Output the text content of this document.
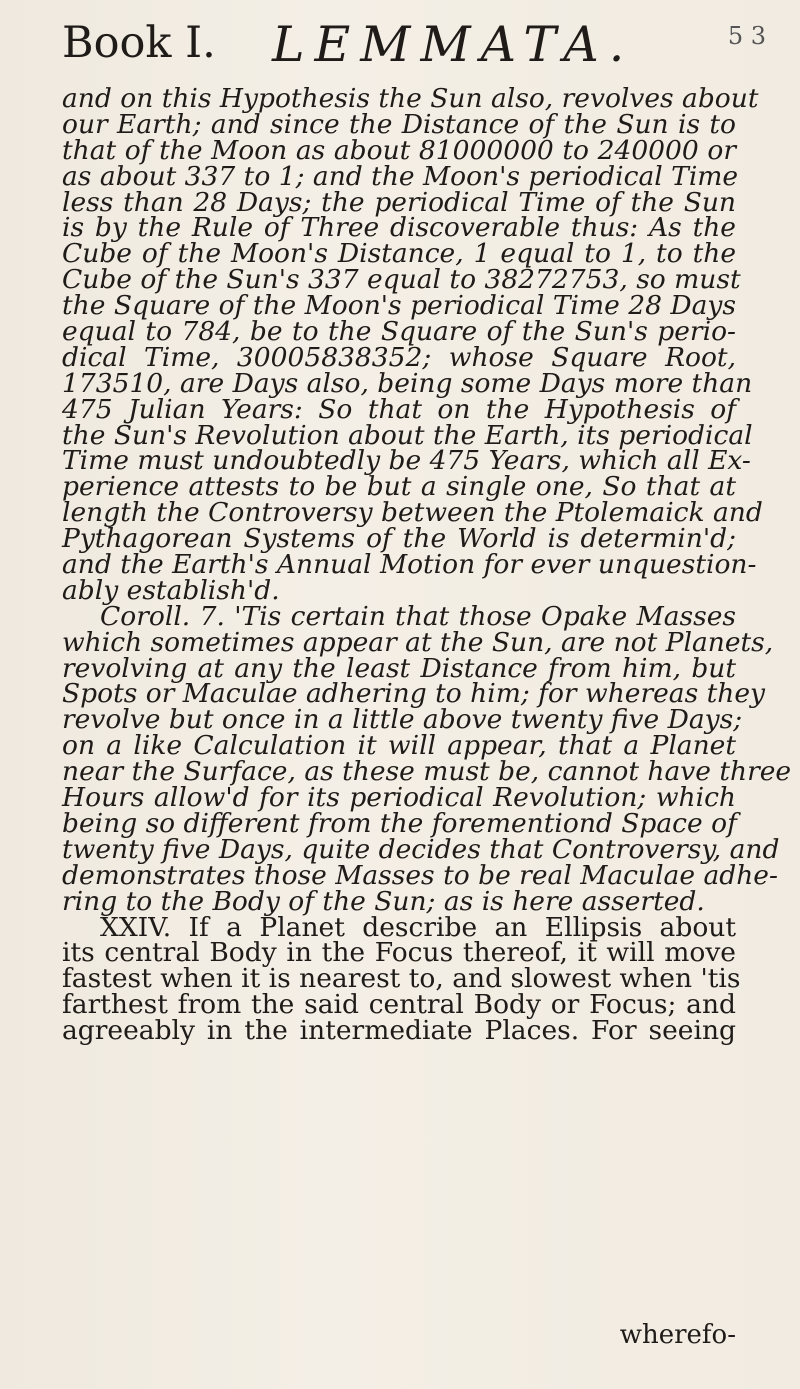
Book I. LEMMATA.	5 3
and on this Hypothesis the Sun also, revolves about
our Earth; and since the Distance of the Sun is to
that of the Moon as about 81000000 to 240000 or
as about 337 to 1; and the Moon's periodical Time
less than 28 Days; the periodical Time of the Sun
is by the Rule of Three discoverable thus: As the
Cube of the Moon's Distance, 1 equal to 1, to the
Cube of the Sun's 337 equal to 38272753, so must
the Square of the Moon's periodical Time 28 Days
equal to 784, be to the Square of the Sun's perio-
dical Time, 30005838352; whose Square Root,
173510, are Days also, being some Days more than
475 Julian Years: So that on the Hypothesis of
the Sun's Revolution about the Earth, its periodical
Time must undoubtedly be 475 Years, which all Ex-
perience attests to be but a single one, So that at
length the Controversy between the Ptolemaick and
Pythagorean Systems of the World is determin'd;
and the Earth's Annual Motion for ever unquestion-
ably establish'd.
Coroll. 7. 'Tis certain that those Opake Masses
which sometimes appear at the Sun, are not Planets,
revolving at any the least Distance from him, but
Spots or Maculae adhering to him; for whereas they
revolve but once in a little above twenty five Days;
on a like Calculation it will appear, that a Planet
near the Surface, as these must be, cannot have three
Hours allow'd for its periodical Revolution; which
being so different from the forementiond Space of
twenty five Days, quite decides that Controversy, and
demonstrates those Masses to be real Maculae adhe-
ring to the Body of the Sun; as is here asserted.
XXIV. If a Planet describe an Ellipsis about
its central Body in the Focus thereof, it will move
fastest when it is nearest to, and slowest when 'tis
farthest from the said central Body or Focus; and
agreeably in the intermediate Places. For seeing
wherefo-
